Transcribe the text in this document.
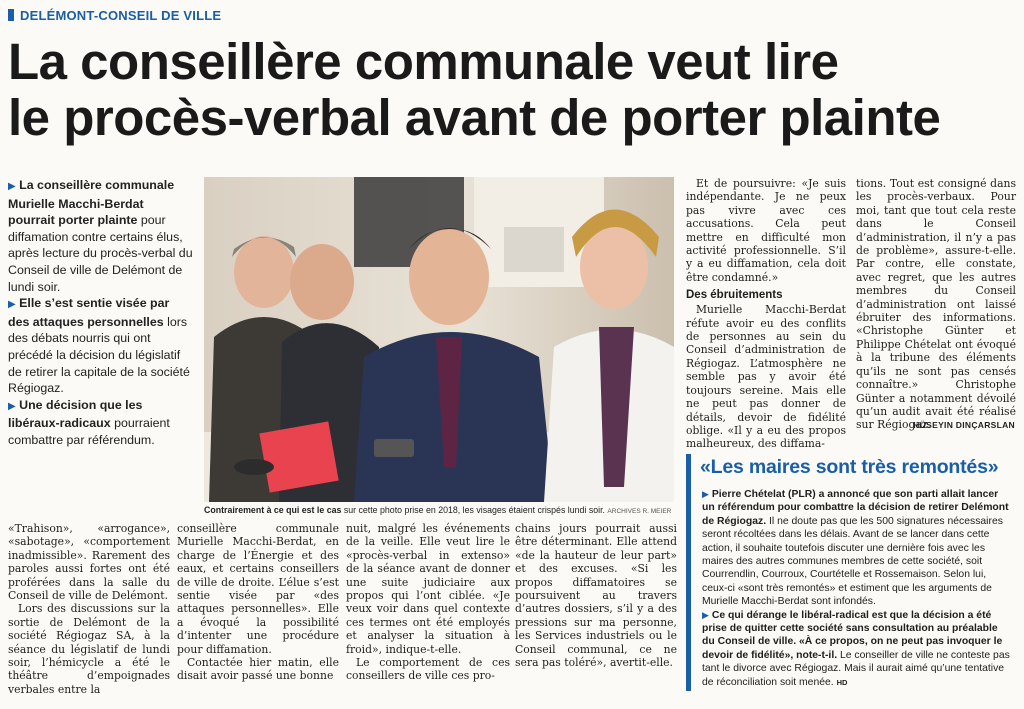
DELÉMONT-CONSEIL DE VILLE
La conseillère communale veut lire
le procès-verbal avant de porter plainte

▶ La conseillère communale Murielle Macchi-Berdat pourrait porter plainte pour diffamation contre certains élus, après lecture du procès-verbal du Conseil de ville de Delémont de lundi soir.

▶ Elle s’est sentie visée par des attaques personnelles lors des débats nourris qui ont précédé la décision du législatif de retirer la capitale de la société Régiogaz.

▶ Une décision que les libéraux-radicaux pourraient combattre par référendum.

Contrairement à ce qui est le cas sur cette photo prise en 2018, les visages étaient crispés lundi soir. ARCHIVES R. MEIER

«Trahison», «arrogance», «sabotage», «comportement inadmissible». Rarement des paroles aussi fortes ont été proférées dans la salle du Conseil de ville de Delémont.

Lors des discussions sur la sortie de Delémont de la société Régiogaz SA, à la séance du législatif de lundi soir, l’hémicycle a été le théâtre d’empoignades verbales entre la

conseillère communale Murielle Macchi-Berdat, en charge de l’Énergie et des eaux, et certains conseillers de ville de droite. L’élue s’est sentie visée par «des attaques personnelles». Elle a évoqué la possibilité d’intenter une procédure pour diffamation.

Contactée hier matin, elle disait avoir passé une bonne

nuit, malgré les événements de la veille. Elle veut lire le «procès-verbal in extenso» de la séance avant de donner une suite judiciaire aux propos qui l’ont ciblée. «Je veux voir dans quel contexte ces termes ont été employés et analyser la situation à froid», indique-t-elle.

Le comportement de ces conseillers de ville ces pro-

chains jours pourrait aussi être déterminant. Elle attend «de la hauteur de leur part» et des excuses. «Si les propos diffamatoires se poursuivent au travers d’autres dossiers, s’il y a des pressions sur ma personne, les Services industriels ou le Conseil communal, ce ne sera pas toléré», avertit-elle.

Et de poursuivre: «Je suis indépendante. Je ne peux pas vivre avec ces accusations. Cela peut mettre en difficulté mon activité professionnelle. S’il y a eu diffamation, cela doit être condamné.»

Des ébruitements

Murielle Macchi-Berdat réfute avoir eu des conflits de personnes au sein du Conseil d’administration de Régiogaz. L’atmosphère ne semble pas y avoir été toujours sereine. Mais elle ne peut pas donner de détails, devoir de fidélité oblige. «Il y a eu des propos malheureux, des diffama-

tions. Tout est consigné dans les procès-verbaux. Pour moi, tant que tout cela reste dans le Conseil d’administration, il n’y a pas de problème», assure-t-elle. Par contre, elle constate, avec regret, que les autres membres du Conseil d’administration ont laissé ébruiter des informations. «Christophe Günter et Philippe Chételat ont évoqué à la tribune des éléments qu’ils ne sont pas censés connaître.» Christophe Günter a notamment dévoilé qu’un audit avait été réalisé sur Régiogaz.

HÜSEYIN DINÇARSLAN
«Les maires sont très remontés»

▶ Pierre Chételat (PLR) a annoncé que son parti allait lancer un référendum pour combattre la décision de retirer Delémont de Régiogaz. Il ne doute pas que les 500 signatures nécessaires seront récoltées dans les délais. Avant de se lancer dans cette action, il souhaite toutefois discuter une dernière fois avec les maires des autres communes membres de cette société, soit Courrendlin, Courroux, Courtételle et Rossemaison. Selon lui, ceux-ci «sont très remontés» et estiment que les arguments de Murielle Macchi-Berdat sont infondés.

▶ Ce qui dérange le libéral-radical est que la décision a été prise de quitter cette société sans consultation au préalable du Conseil de ville. «À ce propos, on ne peut pas invoquer le devoir de fidélité», note-t-il. Le conseiller de ville ne conteste pas tant le divorce avec Régiogaz. Mais il aurait aimé qu’une tentative de réconciliation soit menée. HD
